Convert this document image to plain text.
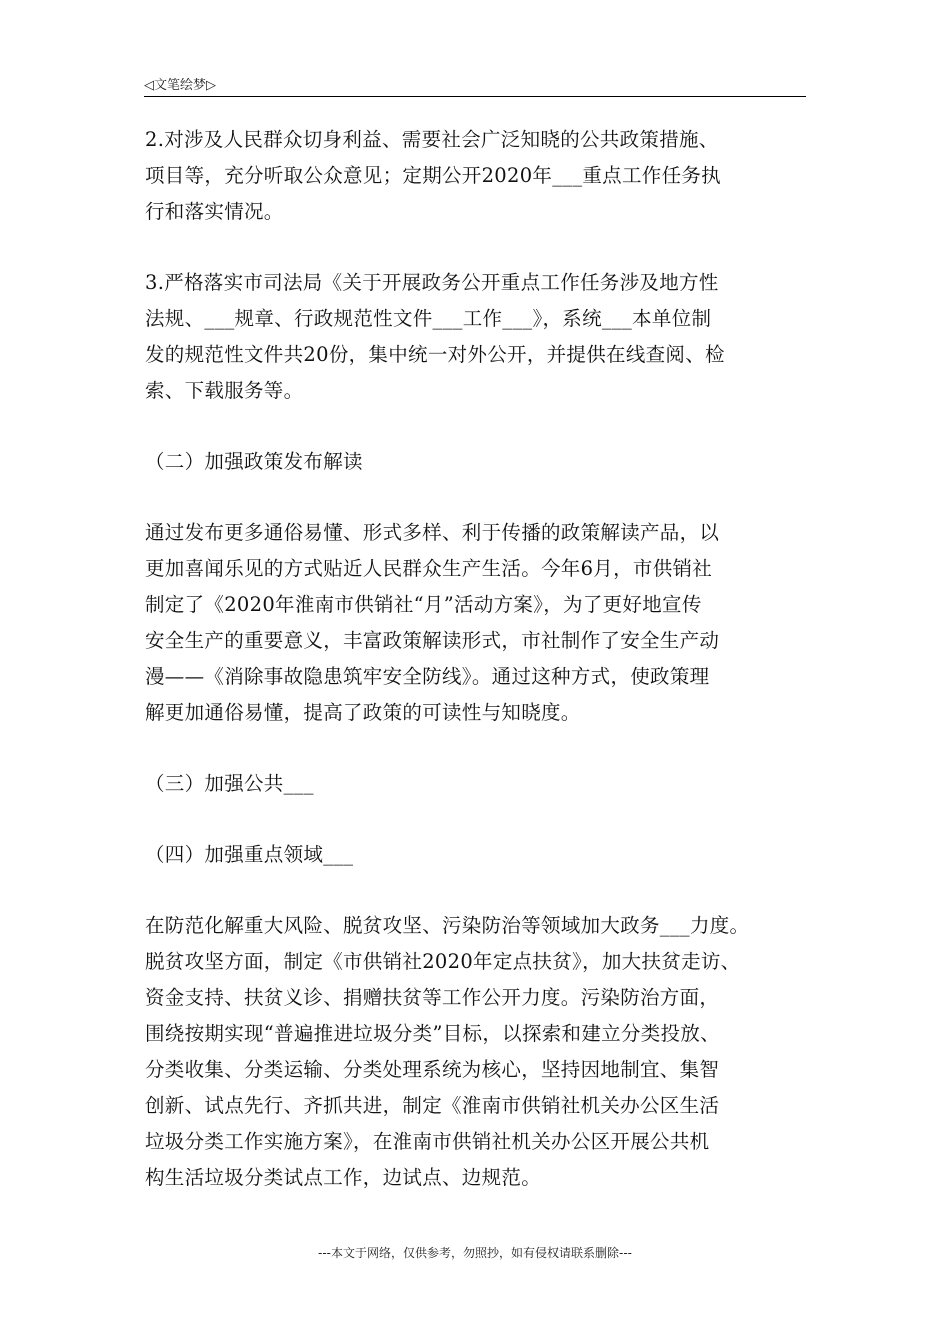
◁文笔绘梦▷
2.对涉及人民群众切身利益、需要社会广泛知晓的公共政策措施、
项目等，充分听取公众意见；定期公开2020年___重点工作任务执
行和落实情况。
3.严格落实市司法局《关于开展政务公开重点工作任务涉及地方性
法规、___规章、行政规范性文件___工作___》，系统___本单位制
发的规范性文件共20份，集中统一对外公开，并提供在线查阅、检
索、下载服务等。
（二）加强政策发布解读
通过发布更多通俗易懂、形式多样、利于传播的政策解读产品，以
更加喜闻乐见的方式贴近人民群众生产生活。今年6月，市供销社
制定了《2020年淮南市供销社“月”活动方案》，为了更好地宣传
安全生产的重要意义，丰富政策解读形式，市社制作了安全生产动
漫——《消除事故隐患筑牢安全防线》。通过这种方式，使政策理
解更加通俗易懂，提高了政策的可读性与知晓度。
（三）加强公共___
（四）加强重点领域___
在防范化解重大风险、脱贫攻坚、污染防治等领域加大政务___力度。
脱贫攻坚方面，制定《市供销社2020年定点扶贫》，加大扶贫走访、
资金支持、扶贫义诊、捐赠扶贫等工作公开力度。污染防治方面，
围绕按期实现“普遍推进垃圾分类”目标，以探索和建立分类投放、
分类收集、分类运输、分类处理系统为核心，坚持因地制宜、集智
创新、试点先行、齐抓共进，制定《淮南市供销社机关办公区生活
垃圾分类工作实施方案》，在淮南市供销社机关办公区开展公共机
构生活垃圾分类试点工作，边试点、边规范。
---本文于网络，仅供参考，勿照抄，如有侵权请联系删除---
